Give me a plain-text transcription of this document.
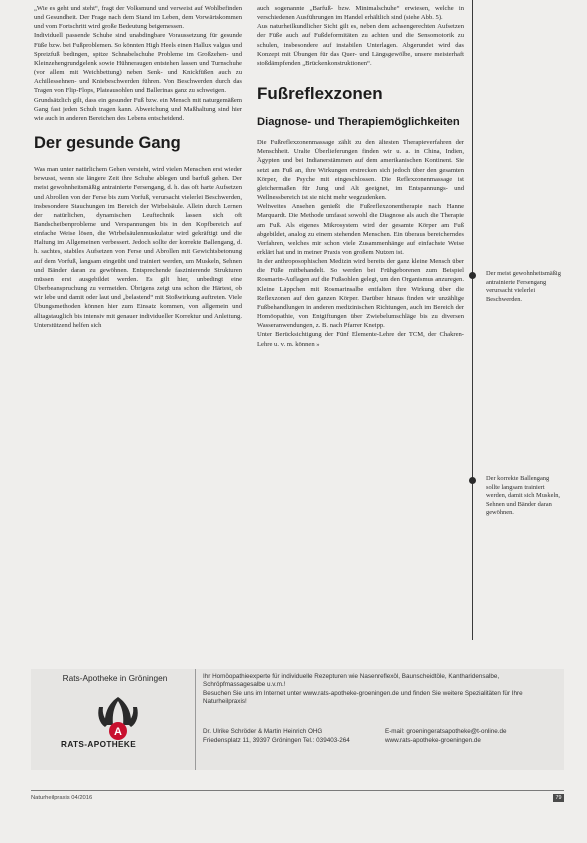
„Wie es geht und steht“, fragt der Volksmund und verweist auf Wohlbefinden und Gesundheit. Der Frage nach dem Stand im Leben, dem Vorwärtskommen und vom Fortschritt wird große Bedeutung beigemessen.

Individuell passende Schuhe sind unabdingbare Voraussetzung für gesunde Füße bzw. bei Fußproblemen. So könnten High Heels einen Hallux valgus und Spreizfuß bedingen, spitze Schnabelschuhe Probleme im Großzehen- und Kleinzehengrundgelenk sowie Hühneraugen entstehen lassen und Turnschuhe (vor allem mit Weichbettung) neben Senk- und Knickfüßen auch zu Achillessehnen- und Kniebeschwerden führen. Von Beschwerden durch das Tragen von Flip-Flops, Plateausohlen und Ballerinas ganz zu schweigen.

Grundsätzlich gilt, dass ein gesunder Fuß bzw. ein Mensch mit naturgemäßem Gang fast jeden Schuh tragen kann. Abweichung und Maßhaltung sind hier wie auch in anderen Bereichen des Lebens entscheidend.

Der gesunde Gang

Was man unter natürlichem Gehen versteht, wird vielen Menschen erst wieder bewusst, wenn sie längere Zeit ihre Schuhe ablegen und barfuß gehen. Der meist gewohnheitsmäßig antrainierte Fersengang, d. h. das oft harte Aufsetzen und Abrollen von der Ferse bis zum Vorfuß, verursacht vielerlei Beschwerden, insbesondere Stauchungen im Bereich der Wirbelsäule. Allein durch Lernen der natürlichen, dynamischen Leuftechnik lassen sich oft Bandscheibenprobleme und Verspannungen bis in den Kopfbereich auf einfache Weise lösen, die Wirbelsäulenmuskulatur wird gekräftigt und die Haltung im Allgemeinen verbessert. Jedoch sollte der korrekte Ballengang, d. h. sachtes, stabiles Aufsetzen von Ferse und Abrollen mit Gewichtsbetonung auf dem Vorfuß, langsam eingeübt und trainiert werden, um Muskeln, Sehnen und Bänder daran zu gewöhnen. Entsprechende faszinierende Strukturen müssen erst ausgebildet werden. Es gilt hier, unbedingt eine Überbeanspruchung zu vermeiden. Übrigens zeigt uns schon die Härtest, ob wir lebe und damit oder laut und „belastend“ mit Stoßwirkung auftreten. Viele Übungsmethoden können hier zum Einsatz kommen, von allgemein und alltagstauglich bis intensiv mit genauer individueller Korrektur und Anleitung. Unterstützend helfen sich

auch sogenannte „Barfuß- bzw. Minimalschuhe“ erwiesen, welche in verschiedenen Ausführungen im Handel erhältlich sind (siehe Abb. 5).

Aus naturheilkundlicher Sicht gilt es, neben dem achsengerechten Aufsetzen der Füße auch auf Fußdeformitäten zu achten und die Sensomotorik zu schulen, insbesondere auf instabilen Unterlagen. Abgerundet wird das Konzept mit Übungen für das Quer- und Längsgewölbe, unsere meisterhaft stoßdämpfenden „Brückenkonstruktionen“.

Fußreflexzonen
Diagnose- und Therapiemöglichkeiten

Die Fußreflexzonenmassage zählt zu den ältesten Therapieverfahren der Menschheit. Uralte Überlieferungen finden wir u. a. in China, Indien, Ägypten und bei Indianerstämmen auf dem amerikanischen Kontinent. Sie setzt am Fuß an, ihre Wirkungen erstrecken sich jedoch über den gesamten Körper, die Psyche mit eingeschlossen. Die Reflexzonenmassage ist gleichermaßen für Jung und Alt geeignet, im Entspannungs- und Wellnessbereich ist sie nicht mehr wegzudenken.

Weltweites Ansehen genießt die Fußreflexzonentherapie nach Hanne Marquardt. Die Methode umfasst sowohl die Diagnose als auch die Therapie am Fuß. Als eigenes Mikrosystem wird der gesamte Körper am Fuß abgebildet, analog zu einem stehenden Menschen. Ein überaus bereicherndes Verfahren, welches mir schon viele Zusammenhänge auf einfachste Weise erklärt hat und in meiner Praxis von großem Nutzen ist.

In der anthroposophischen Medizin wird bereits der ganz kleine Mensch über die Füße mitbehandelt. So werden bei Frühgeborenen zum Beispiel Rosmarin-Auflagen auf die Fußsohlen gelegt, um den Organismus anzuregen. Kleine Läppchen mit Rosmarinsalbe entfalten ihre Wirkung über die Reflexzonen auf den ganzen Körper. Darüber hinaus finden wir unzählige Fußbehandlungen in anderen medizinischen Richtungen, auch im Bereich der Homöopathie, von Entgiftungen über Zwiebelumschläge bis zu diversen Wasseranwendungen, z. B. nach Pfarrer Kneipp.

Unter Berücksichtigung der Fünf Elemente-Lehre der TCM, der Chakren-Lehre u. v. m. können »

Der meist gewohnheitsmäßig antrainierte Fersengang verursacht vielerlei Beschwerden.
Der korrekte Ballengang sollte langsam trainiert werden, damit sich Muskeln, Sehnen und Bänder daran gewöhnen.
Rats-Apotheke in Gröningen
A
RATS-APOTHEKE

Ihr Homöopathieexperte für individuelle Rezepturen wie Nasenreflexöl, Baunscheidtöle, Kantharidensalbe, Schröpfmassagesalbe u.v.m.!

Besuchen Sie uns im Internet unter www.rats-apotheke-groeningen.de und finden Sie weitere Spezialitäten für Ihre Naturheilpraxis!

Dr. Ulrike Schröder & Martin Heinrich OHG
Friedensplatz 11, 39397 Gröningen Tel.: 039403-264
E-mail: groeningeratsapotheke@t-online.de
www.rats-apotheke-groeningen.de
Naturheilpraxis 04/2016	79
